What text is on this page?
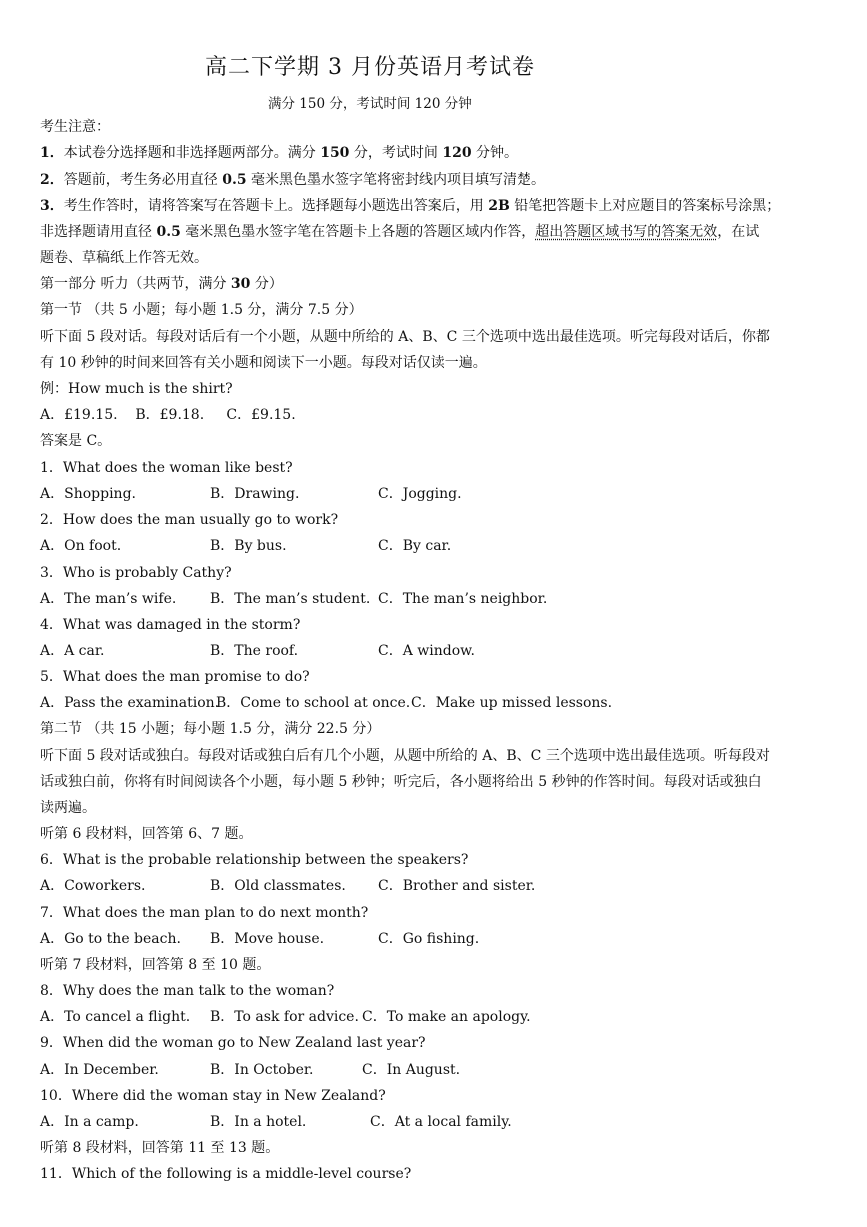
高二下学期 3 月份英语月考试卷
满分 150 分，考试时间 120 分钟
考生注意：
1．本试卷分选择题和非选择题两部分。满分 150 分，考试时间 120 分钟。
2．答题前，考生务必用直径 0.5 毫米黑色墨水签字笔将密封线内项目填写清楚。
3．考生作答时，请将答案写在答题卡上。选择题每小题选出答案后，用 2B 铅笔把答题卡上对应题目的答案标号涂黑；
非选择题请用直径 0.5 毫米黑色墨水签字笔在答题卡上各题的答题区域内作答，超出答题区域书写的答案无效，在试
题卷、草稿纸上作答无效。
第一部分 听力（共两节，满分 30 分）
第一节 （共 5 小题；每小题 1.5 分，满分 7.5 分）
听下面 5 段对话。每段对话后有一个小题，从题中所给的 A、B、C 三个选项中选出最佳选项。听完每段对话后，你都
有 10 秒钟的时间来回答有关小题和阅读下一小题。每段对话仅读一遍。
例：How much is the shirt?
A．£19.15.    B．£9.18.     C．£9.15.
答案是 C。
1．What does the woman like best?
A．Shopping.	B．Drawing.	C．Jogging.
2．How does the man usually go to work?
A．On foot.	B．By bus.	C．By car.
3．Who is probably Cathy?
A．The man’s wife. B．The man’s student. C．The man’s neighbor.
4．What was damaged in the storm?
A．A car.	B．The roof.	C．A window.
5．What does the man promise to do?
A．Pass the examination.
B．Come to school at once. C．Make up missed lessons.
第二节 （共 15 小题；每小题 1.5 分，满分 22.5 分）
听下面 5 段对话或独白。每段对话或独白后有几个小题，从题中所给的 A、B、C 三个选项中选出最佳选项。听每段对
话或独白前，你将有时间阅读各个小题，每小题 5 秒钟；听完后，各小题将给出 5 秒钟的作答时间。每段对话或独白
读两遍。
听第 6 段材料，回答第 6、7 题。
6．What is the probable relationship between the speakers?
A．Coworkers.	B．Old classmates. C．Brother and sister.
7．What does the man plan to do next month?
A．Go to the beach. B．Move house.	C．Go fishing.
听第 7 段材料，回答第 8 至 10 题。
8．Why does the man talk to the woman?
A．To cancel a flight. B．To ask for advice. C．To make an apology.
9．When did the woman go to New Zealand last year?
A．In December.	B．In October.	C．In August.
10．Where did the woman stay in New Zealand?
A．In a camp.	B．In a hotel.	C．At a local family.
听第 8 段材料，回答第 11 至 13 题。
11．Which of the following is a middle-level course?
